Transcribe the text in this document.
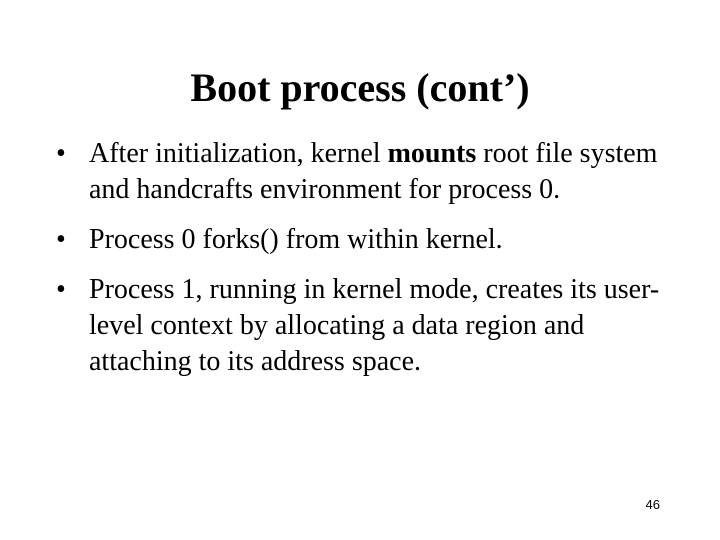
Boot process (cont’)
• After initialization, kernel mounts root file system and handcrafts environment for process 0.
• Process 0 forks() from within kernel.
• Process 1, running in kernel mode, creates its user-level context by allocating a data region and attaching to its address space.
46
